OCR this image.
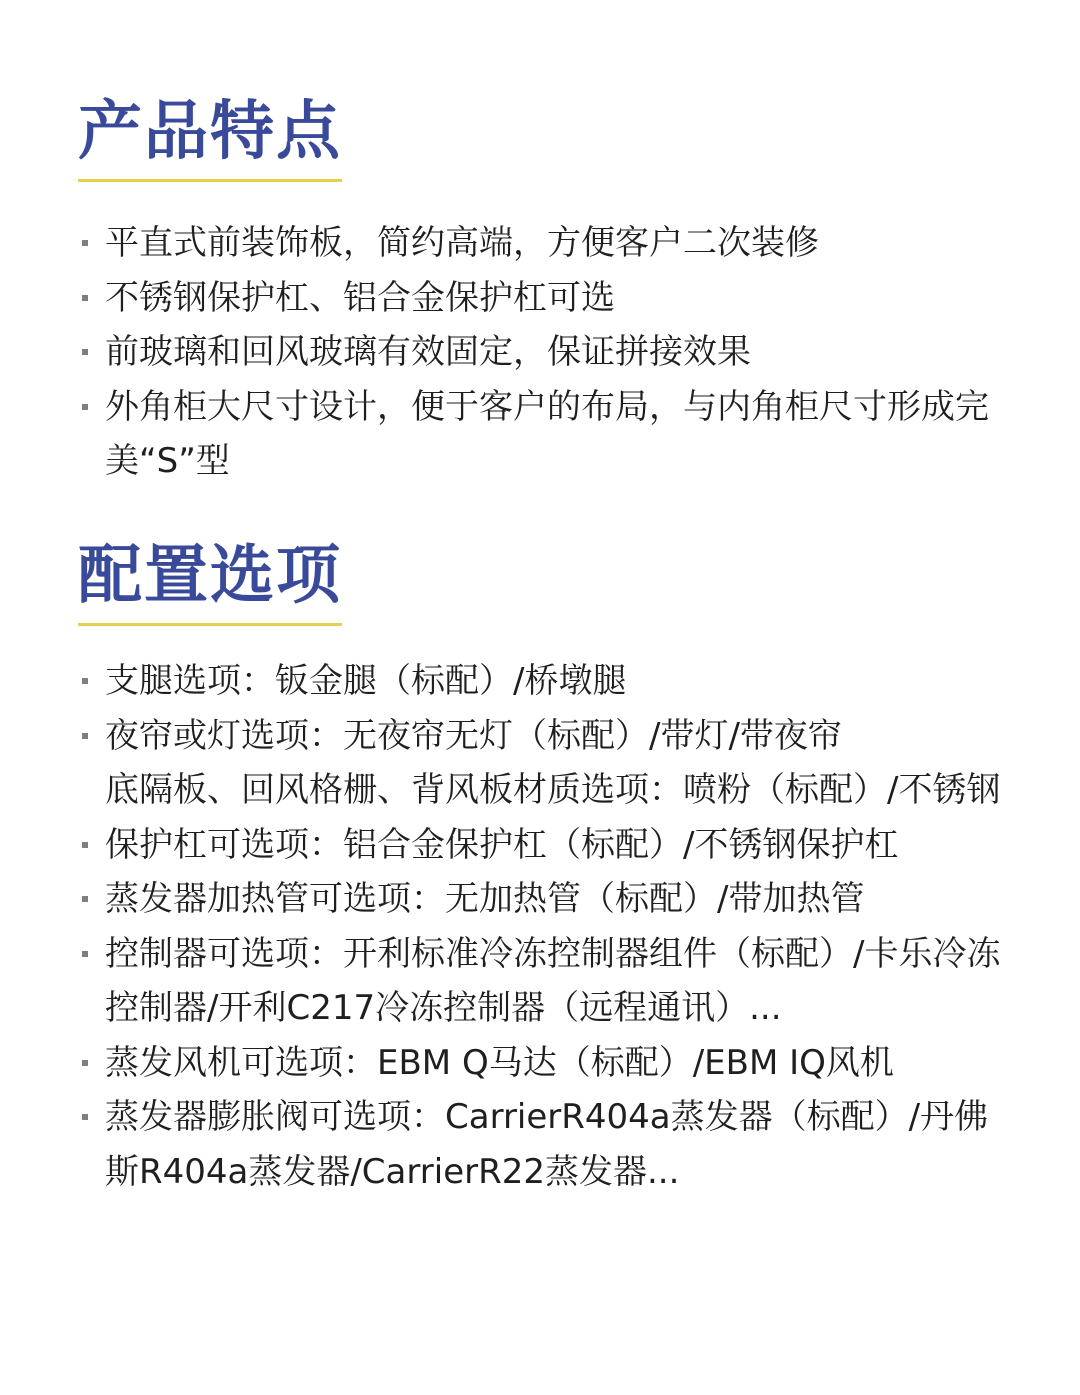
产品特点
平直式前装饰板，简约高端，方便客户二次装修
不锈钢保护杠、铝合金保护杠可选
前玻璃和回风玻璃有效固定，保证拼接效果
外角柜大尺寸设计，便于客户的布局，与内角柜尺寸形成完美“S”型
配置选项
支腿选项：钣金腿（标配）/桥墩腿
夜帘或灯选项：无夜帘无灯（标配）/带灯/带夜帘
底隔板、回风格栅、背风板材质选项：喷粉（标配）/不锈钢
保护杠可选项：铝合金保护杠（标配）/不锈钢保护杠
蒸发器加热管可选项：无加热管（标配）/带加热管
控制器可选项：开利标准冷冻控制器组件（标配）/卡乐冷冻控制器/开利C217冷冻控制器（远程通讯）...
蒸发风机可选项：EBM Q马达（标配）/EBM IQ风机
蒸发器膨胀阀可选项：CarrierR404a蒸发器（标配）/丹佛斯R404a蒸发器/CarrierR22蒸发器...
